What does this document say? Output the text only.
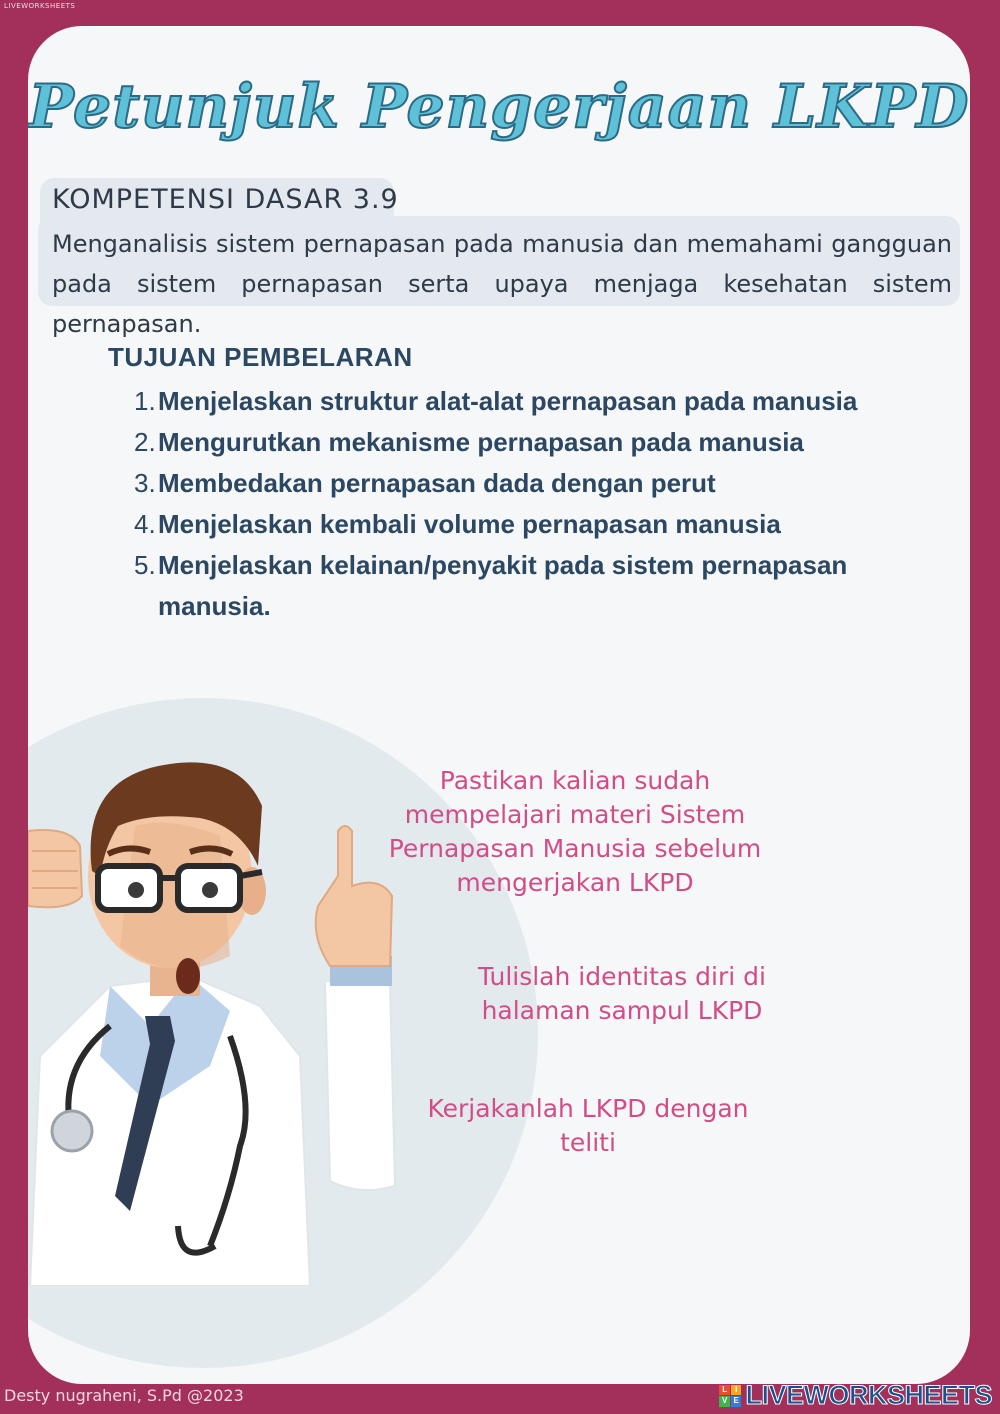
LIVEWORKSHEETS
Petunjuk Pengerjaan LKPD
KOMPETENSI DASAR 3.9
Menganalisis sistem pernapasan pada manusia dan memahami gangguan pada sistem pernapasan serta upaya menjaga kesehatan sistem pernapasan.
TUJUAN PEMBELARAN
1. Menjelaskan struktur alat-alat pernapasan pada manusia
2. Mengurutkan mekanisme pernapasan pada manusia
3. Membedakan pernapasan dada dengan perut
4. Menjelaskan kembali volume pernapasan manusia
5. Menjelaskan kelainan/penyakit pada sistem pernapasan manusia.
Pastikan kalian sudah mempelajari materi Sistem Pernapasan Manusia sebelum mengerjakan LKPD
Tulislah identitas diri di halaman sampul LKPD
Kerjakanlah LKPD dengan teliti
Desty nugraheni, S.Pd @2023	L I
V E LIVEWORKSHEETS
